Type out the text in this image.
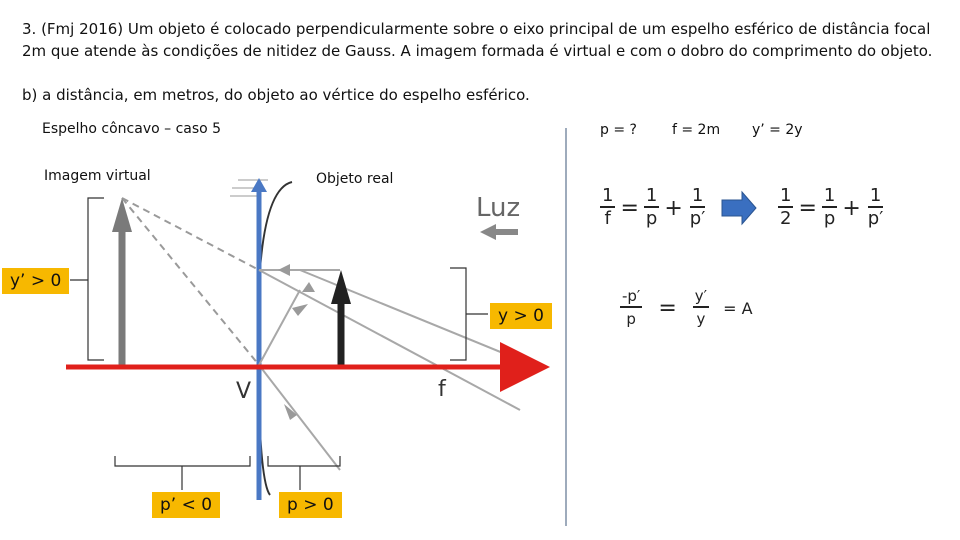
3. (Fmj 2016) Um objeto é colocado perpendicularmente sobre o eixo principal de um espelho esférico de distância focal
2m que atende às condições de nitidez de Gauss. A imagem formada é virtual e com o dobro do comprimento do objeto.
b) a distância, em metros, do objeto ao vértice do espelho esférico.
Espelho côncavo – caso 5
Imagem virtual	Objeto real
p = ?	f = 2m y’ = 2y
Luz
V	f
y’ > 0
y > 0
p’ < 0	p > 0
$\frac{1}{f} = \frac{1}{p} + \frac{1}{p'}$	$\frac{1}{2} = \frac{1}{p} + \frac{1}{p'}$
$\frac{-p'}{p} = \frac{y'}{y} = A$
